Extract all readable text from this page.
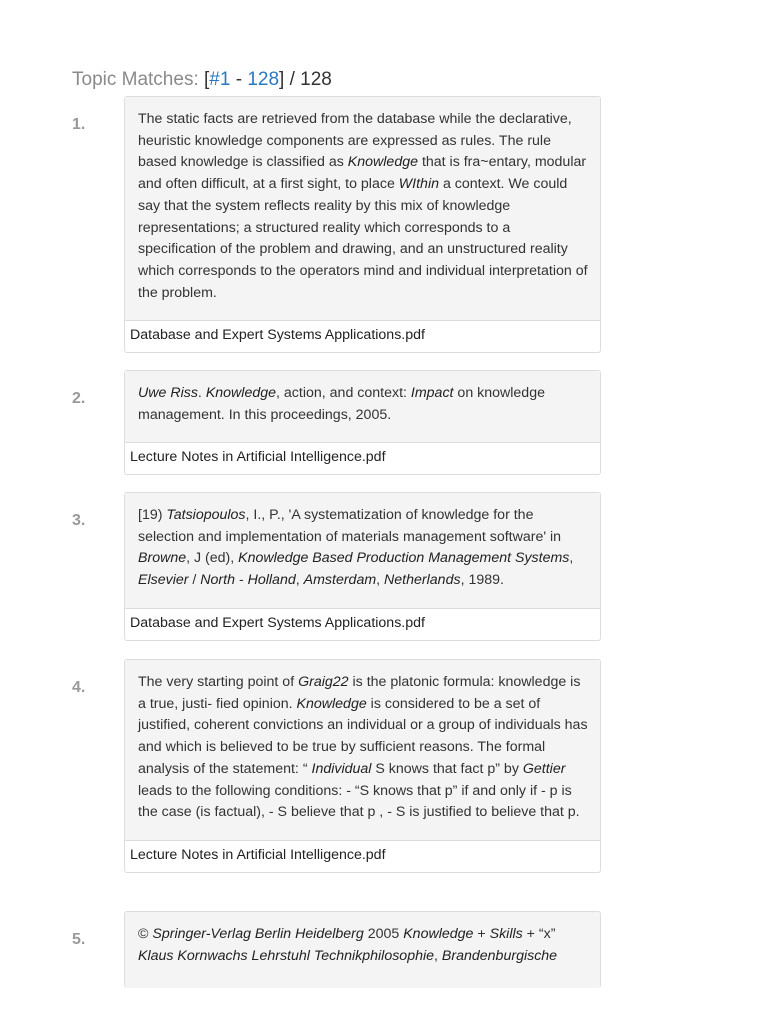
Topic Matches: [#1 - 128] / 128
1.	The static facts are retrieved from the database while the declarative, heuristic knowledge components are expressed as rules. The rule based knowledge is classified as Knowledge that is fra~entary, modular and often difficult, at a first sight, to place WIthin a context. We could say that the system reflects reality by this mix of knowledge representations; a structured reality which corresponds to a specification of the problem and drawing, and an unstructured reality which corresponds to the operators mind and individual interpretation of the problem.
Database and Expert Systems Applications.pdf
2.	Uwe Riss. Knowledge, action, and context: Impact on knowledge management. In this proceedings, 2005.
Lecture Notes in Artificial Intelligence.pdf
3.	[19) Tatsiopoulos, I., P., 'A systematization of knowledge for the selection and implementation of materials management software' in Browne, J (ed), Knowledge Based Production Management Systems, Elsevier / North - Holland, Amsterdam, Netherlands, 1989.
Database and Expert Systems Applications.pdf
4.	The very starting point of Graig22 is the platonic formula: knowledge is a true, justi- fied opinion. Knowledge is considered to be a set of justified, coherent convictions an individual or a group of individuals has and which is believed to be true by sufficient reasons. The formal analysis of the statement: “ Individual S knows that fact p” by Gettier leads to the following conditions: - “S knows that p” if and only if - p is the case (is factual), - S believe that p , - S is justified to believe that p.
Lecture Notes in Artificial Intelligence.pdf
5.	© Springer-Verlag Berlin Heidelberg 2005 Knowledge + Skills + “x” Klaus Kornwachs Lehrstuhl Technikphilosophie, Brandenburgische
